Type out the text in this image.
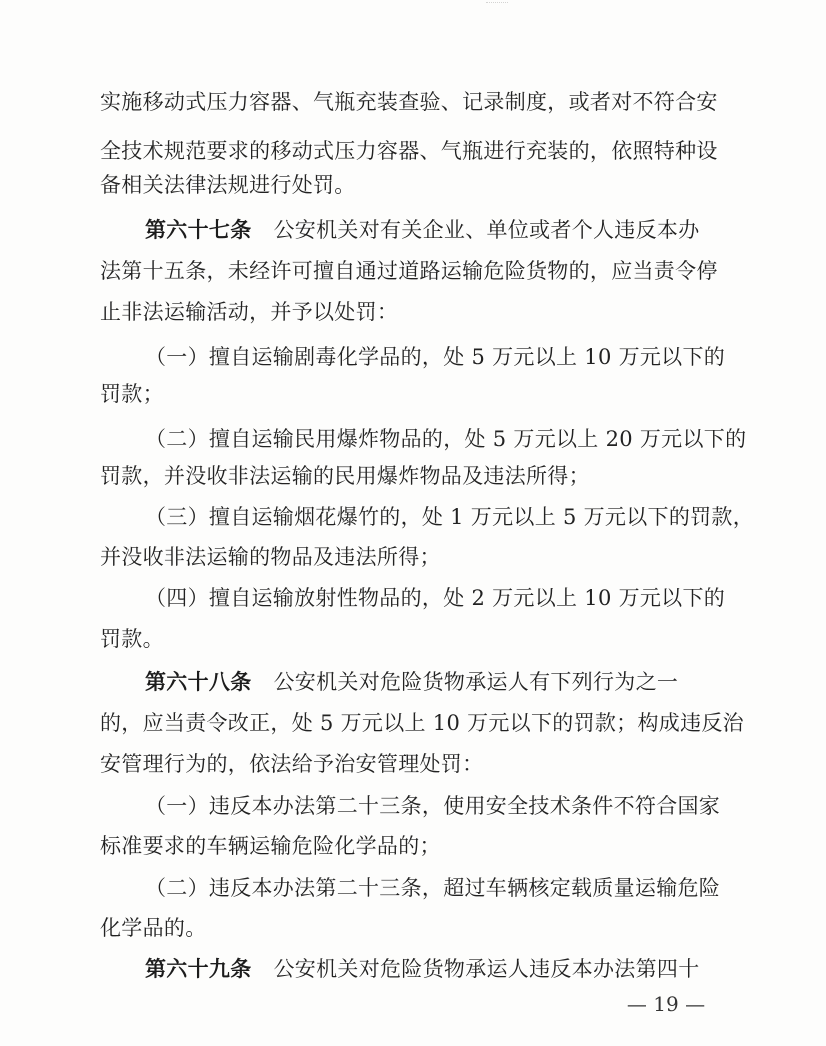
实施移动式压力容器、气瓶充装查验、记录制度，或者对不符合安
全技术规范要求的移动式压力容器、气瓶进行充装的，依照特种设
备相关法律法规进行处罚。
第六十七条 公安机关对有关企业、单位或者个人违反本办
法第十五条，未经许可擅自通过道路运输危险货物的，应当责令停
止非法运输活动，并予以处罚：
（一）擅自运输剧毒化学品的，处 5 万元以上 10 万元以下的
罚款；
（二）擅自运输民用爆炸物品的，处 5 万元以上 20 万元以下的
罚款，并没收非法运输的民用爆炸物品及违法所得；
（三）擅自运输烟花爆竹的，处 1 万元以上 5 万元以下的罚款，
并没收非法运输的物品及违法所得；
（四）擅自运输放射性物品的，处 2 万元以上 10 万元以下的
罚款。
第六十八条 公安机关对危险货物承运人有下列行为之一
的，应当责令改正，处 5 万元以上 10 万元以下的罚款；构成违反治
安管理行为的，依法给予治安管理处罚：
（一）违反本办法第二十三条，使用安全技术条件不符合国家
标准要求的车辆运输危险化学品的；
（二）违反本办法第二十三条，超过车辆核定载质量运输危险
化学品的。
第六十九条 公安机关对危险货物承运人违反本办法第四十
— 19 —
